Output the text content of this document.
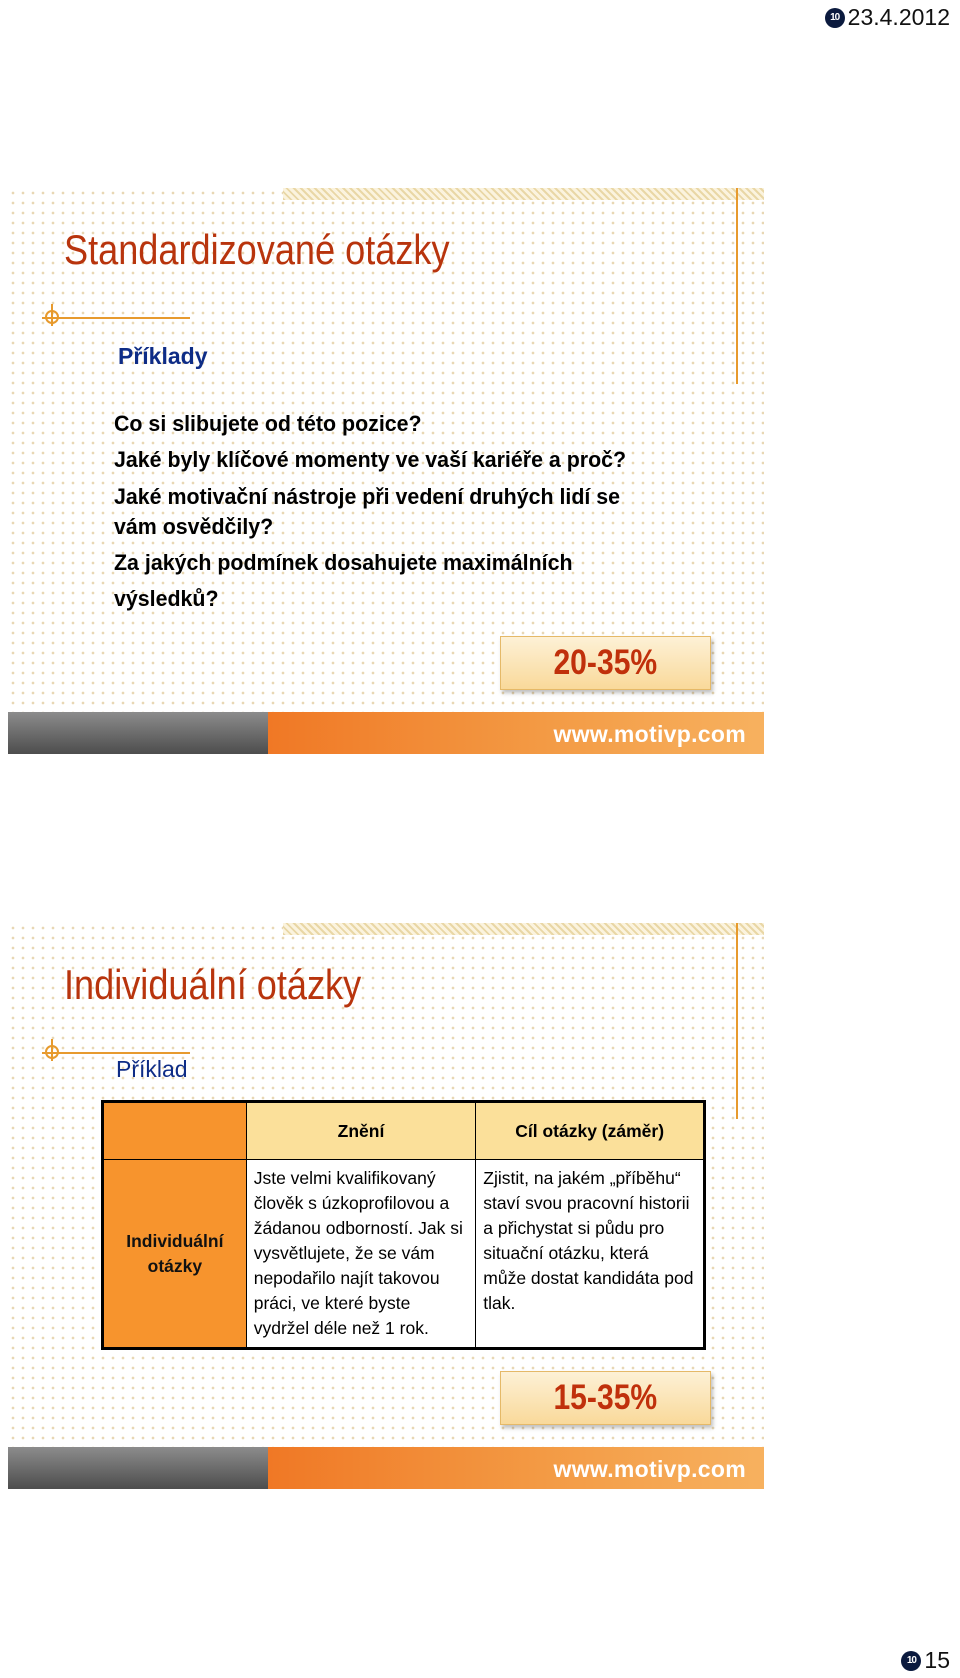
10 23.4.2012
Standardizované otázky
Příklady
Co si slibujete od této pozice?
Jaké byly klíčové momenty ve vaší kariéře a proč?
Jaké motivační nástroje při vedení druhých lidí se vám osvědčily?
Za jakých podmínek dosahujete maximálních výsledků?
20-35%
www.motivp.com
Individuální otázky
Příklad
	Znění	Cíl otázky (záměr)
Individuální otázky	Jste velmi kvalifikovaný člověk s úzkoprofilovou a žádanou odborností. Jak si vysvětlujete, že se vám nepodařilo najít takovou práci, ve které byste vydržel déle než 1 rok.	Zjistit, na jakém „příběhu“ staví svou pracovní historii a přichystat si půdu pro situační otázku, která může dostat kandidáta pod tlak.
15-35%
www.motivp.com
10 15
